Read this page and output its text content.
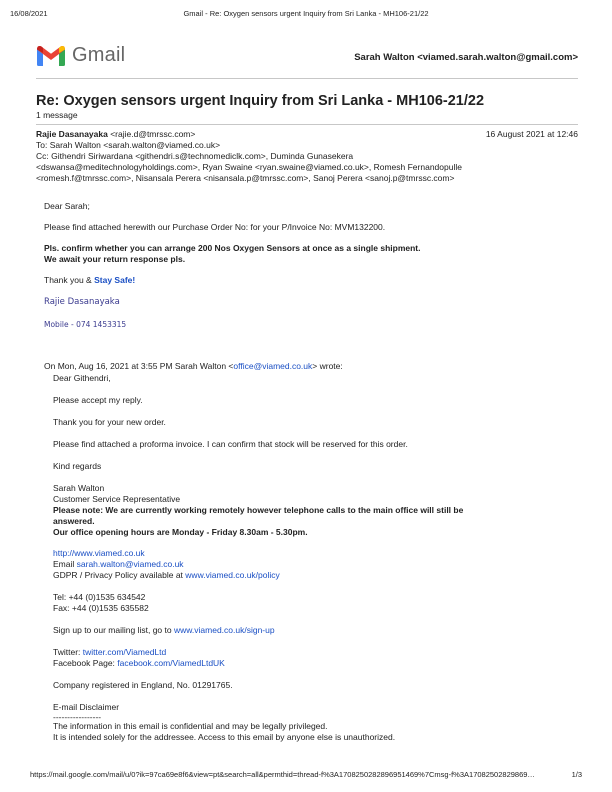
16/08/2021	Gmail - Re: Oxygen sensors urgent Inquiry from Sri Lanka - MH106-21/22
Gmail	Sarah Walton <viamed.sarah.walton@gmail.com>
Re: Oxygen sensors urgent Inquiry from Sri Lanka - MH106-21/22
1 message
Rajie Dasanayaka <rajie.d@tmrssc.com>	16 August 2021 at 12:46
To: Sarah Walton <sarah.walton@viamed.co.uk>
Cc: Githendri Siriwardana <githendri.s@technomediclk.com>, Duminda Gunasekera
<dswansa@meditechnologyholdings.com>, Ryan Swaine <ryan.swaine@viamed.co.uk>, Romesh Fernandopulle
<romesh.f@tmrssc.com>, Nisansala Perera <nisansala.p@tmrssc.com>, Sanoj Perera <sanoj.p@tmrssc.com>

Dear Sarah;

Please find attached herewith our Purchase Order No: for your P/Invoice No: MVM132200.

Pls. confirm whether you can arrange 200 Nos Oxygen Sensors at once as a single shipment.

We await your return response pls.

Thank you & Stay Safe!

Rajie Dasanayaka

Mobile - 074 1453315

On Mon, Aug 16, 2021 at 3:55 PM Sarah Walton <office@viamed.co.uk> wrote:

Dear Githendri,

Please accept my reply.

Thank you for your new order.

Please find attached a proforma invoice. I can confirm that stock will be reserved for this order.

Kind regards

Sarah Walton

Customer Service Representative

Please note: We are currently working remotely however telephone calls to the main office will still be

answered.

Our office opening hours are Monday - Friday 8.30am - 5.30pm.

http://www.viamed.co.uk

Email sarah.walton@viamed.co.uk

GDPR / Privacy Policy available at www.viamed.co.uk/policy

Tel: +44 (0)1535 634542

Fax: +44 (0)1535 635582

Sign up to our mailing list, go to www.viamed.co.uk/sign-up

Twitter: twitter.com/ViamedLtd

Facebook Page: facebook.com/ViamedLtdUK

Company registered in England, No. 01291765.

E-mail Disclaimer

-----------------

The information in this email is confidential and may be legally privileged.

It is intended solely for the addressee. Access to this email by anyone else is unauthorized.

https://mail.google.com/mail/u/0?ik=97ca69e8f6&view=pt&search=all&permthid=thread-f%3A1708250282896951469%7Cmsg-f%3A17082502829869…	1/3
